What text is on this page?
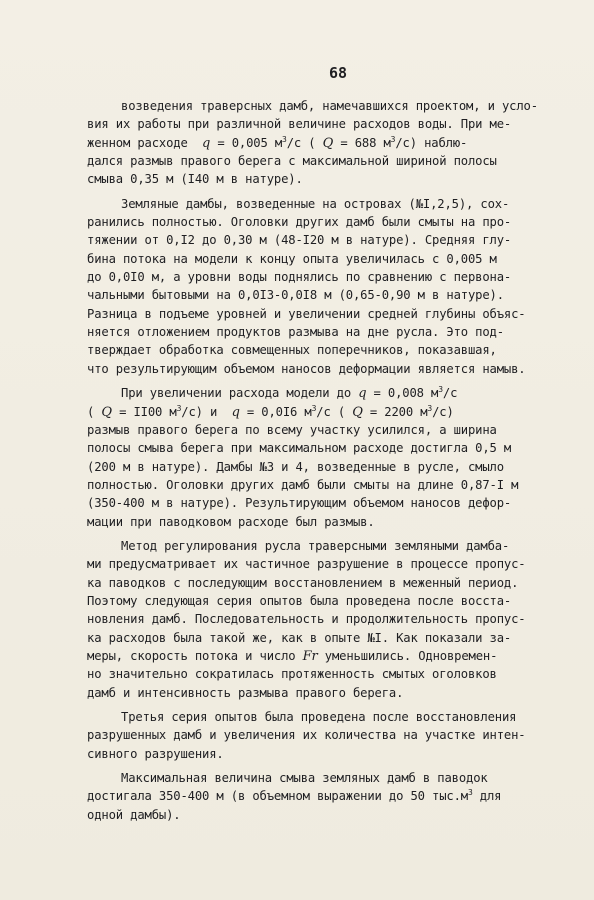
68
возведения траверсных дамб, намечавшихся проектом, и усло-
вия их работы при различной величине расходов воды. При ме-
женном расходе  q = 0,005 $м^3/с$ ( Q = 688 $м^3/с$) наблю-
дался размыв правого берега с максимальной шириной полосы
смыва 0,35 м (I40 м в натуре).
Земляные дамбы, возведенные на островах (№I,2,5), сох-
ранились полностью. Оголовки других дамб были смыты на про-
тяжении от 0,I2 до 0,30 м (48-I20 м в натуре). Средняя глу-
бина потока на модели к концу опыта увеличилась с 0,005 м
до 0,0I0 м, а уровни воды поднялись по сравнению с первона-
чальными бытовыми на 0,0I3-0,0I8 м (0,65-0,90 м в натуре).
Разница в подъеме уровней и увеличении средней глубины объяс-
няется отложением продуктов размыва на дне русла. Это под-
тверждает обработка совмещенных поперечников, показавшая,
что результирующим объемом наносов деформации является намыв.
При увеличении расхода модели до q = 0,008 $м^3/с$
( Q = II00 $м^3/с$) и  q = 0,0I6 $м^3/с$ ( Q = 2200 $м^3/с$)
размыв правого берега по всему участку усилился, а ширина
полосы смыва берега при максимальном расходе достигла 0,5 м
(200 м в натуре). Дамбы №3 и 4, возведенные в русле, смыло
полностью. Оголовки других дамб были смыты на длине 0,87-I м
(350-400 м в натуре). Результирующим объемом наносов дефор-
мации при паводковом расходе был размыв.
Метод регулирования русла траверсными земляными дамба-
ми предусматривает их частичное разрушение в процессе пропус-
ка паводков с последующим восстановлением в меженный период.
Поэтому следующая серия опытов была проведена после восста-
новления дамб. Последовательность и продолжительность пропус-
ка расходов была такой же, как в опыте №I. Как показали за-
меры, скорость потока и число Fr уменьшились. Одновремен-
но значительно сократилась протяженность смытых оголовков
дамб и интенсивность размыва правого берега.
Третья серия опытов была проведена после восстановления
разрушенных дамб и увеличения их количества на участке интен-
сивного разрушения.
Максимальная величина смыва земляных дамб в паводок
достигала 350-400 м (в объемном выражении до 50 $тыс.м^3$ для
одной дамбы).
